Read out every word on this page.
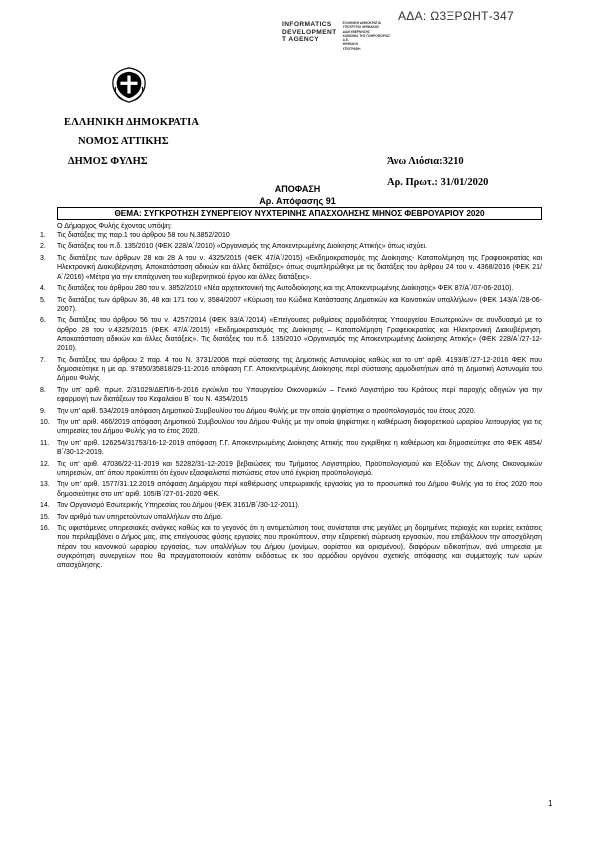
ΑΔΑ: Ω3ΞΡΩΗΤ-347
INFORMATICS
DEVELOPMENT
T AGENCY
ΕΛΛΗΝΙΚΗ ΔΗΜΟΚΡΑΤΙΑ
ΥΠΟΥΡΓΕΙΟ ΨΗΦΙΑΚΗΣ
ΔΙΑΚΥΒΕΡΝΗΣΗΣ
ΚΟΙΝΩΝΙΑ ΤΗΣ ΠΛΗΡΟΦΟΡΙΑΣ
Α.Ε.
ΨΗΦΙΑΚΗ
ΥΠΟΓΡΑΦΗ
ΕΛΛΗΝΙΚΗ ΔΗΜΟΚΡΑΤΙΑ
ΝΟΜΟΣ ΑΤΤΙΚΗΣ
ΔΗΜΟΣ ΦΥΛΗΣ	Άνω Λιόσια:3210
Αρ. Πρωτ.: 31/01/2020
ΑΠΟΦΑΣΗ
Αρ. Απόφασης 91
ΘΕΜΑ: ΣΥΓΚΡΟΤΗΣΗ ΣΥΝΕΡΓΕΙΟΥ ΝΥΧΤΕΡΙΝΗΣ ΑΠΑΣΧΟΛΗΣΗΣ ΜΗΝΟΣ ΦΕΒΡΟΥΑΡΙΟΥ 2020
Ο Δήμαρχος Φυλής έχοντας υπόψη:
1.	Τις διατάξεις της παρ.1 του άρθρου 58 του Ν.3852/2010
2.	Τις διατάξεις του π.δ. 135/2010 (ΦΕΚ 228/Α΄/2010) «Οργανισμός της Αποκεντρωμένης Διοίκησης Αττικής» όπως ισχύει.
3.	Τις διατάξεις των άρθρων 28 και 28 Α του ν. 4325/2015 (ΦΕΚ 47/Α΄/2015) «Εκδημοκρατισμός της Διοίκησης- Καταπολέμηση της Γραφειοκρατίας και Ηλεκτρονική Διακυβέρνηση. Αποκατάσταση αδικιών και άλλες διατάξεις» όπως συμπληρώθηκε με τις διατάξεις του άρθρου 24 του ν. 4368/2016 (ΦΕΚ 21/Α΄/2016) «Μέτρα για την επιτάχυνση του κυβερνητικού έργου και άλλες διατάξεις».
4.	Τις διατάξεις του άρθρου 280 του ν. 3852/2010 «Νέα αρχιτεκτονική της Αυτοδιοίκησης και της Αποκεντρωμένης Διοίκησης» ΦΕΚ 87/Α΄/07-06-2010).
5.	Τις διατάξεις των άρθρων 36, 48 και 171 του ν. 3584/2007 «Κύρωση του Κώδικα Κατάστασης Δημοτικών και Κοινοτικών υπαλλήλων» (ΦΕΚ 143/Α΄/28-06-2007).
6.	Τις διατάξεις του άρθρου 56 του ν. 4257/2014 (ΦΕΚ 93/Α΄/2014) «Επείγουσες ρυθμίσεις αρμοδιότητας Υπουργείου Εσωτερικών» σε συνδυασμό με το άρθρο 28 του ν.4325/2015 (ΦΕΚ 47/Α΄/2015) «Εκδημοκρατισμός της Διοίκησης – Καταπολέμηση Γραφειοκρατίας και Ηλεκτρονική Διακυβέρνηση. Αποκατάσταση αδικιών και άλλες διατάξεις». Τις διατάξεις του π.δ. 135/2010 «Οργανισμός της Αποκεντρωμένης Διοίκησης Αττικής» (ΦΕΚ 228/Α΄/27-12-2010).
7.	Τις διατάξεις του άρθρου 2 παρ. 4 του Ν. 3731/2008 περί σύστασης της Δημοτικής Αστυνομίας καθώς και το υπ' αριθ. 4193/Β΄/27-12-2016 ΦΕΚ που δημοσιεύτηκε η με αρ. 97850/35818/29-11-2016 απόφαση Γ.Γ. Αποκεντρωμένης Διοίκησης περί σύστασης αρμοδιοτήτων από τη Δημοτική Αστυνομία του Δήμου Φυλής
8.	Την υπ' αριθ. πρωτ. 2/31029/ΔΕΠ/6-5-2016 εγκύκλιο του Υπουργείου Οικονομικών – Γενικό Λογιστήριο του Κράτους περί παροχής οδηγιών για την εφαρμογή των διατάξεων του Κεφαλαίου Β΄ του Ν. 4354/2015
9.	Την υπ' αριθ. 534/2019 απόφαση Δημοτικού Συμβουλίου του Δήμου Φυλής με την οποία ψηφίστηκε ο προϋπολογισμός του έτους 2020.
10.	Την υπ' αριθ. 466/2019 απόφαση Δημοτικού Συμβουλίου του Δήμου Φυλής με την οποία ψηφίστηκε η καθιέρωση διαφορετικού ωραρίου λειτουργίας για τις υπηρεσίες του Δήμου Φυλής για το έτος 2020.
11.	Την υπ' αριθ. 126254/31753/16-12-2019 απόφαση Γ.Γ. Αποκεντρωμένης Διοίκησης Αττικής που εγκρίθηκε η καθιέρωση και δημοσιεύτηκε στο ΦΕΚ 4854/Β΄/30-12-2019.
12.	Τις υπ' αριθ. 47036/22-11-2019 και 52282/31-12-2019 βεβαιώσεις του Τμήματος Λογιστηρίου, Προϋπολογισμού και Εξόδων της Δ/νσης Οικονομικών υπηρεσιών, απ' όπου προκύπτει ότι έχουν εξασφαλιστεί πιστώσεις στον υπό έγκριση προϋπολογισμό.
13.	Την υπ' αριθ. 1577/31.12.2019 απόφαση Δημάρχου περί καθιέρωσης υπερωριακής εργασίας για το προσωπικό του Δήμου Φυλής για το έτος 2020 που δημοσιεύτηκε στο υπ' αριθ. 105/Β΄/27-01-2020 ΦΕΚ.
14.	Τον Οργανισμό Εσωτερικής Υπηρεσίας του Δήμου (ΦΕΚ 3161/Β΄/30-12-2011).
15.	Τον αριθμό των υπηρετούντων υπαλλήλων στο Δήμο.
16.	Τις υφιστάμενες υπηρεσιακές ανάγκες καθώς και το γεγονός ότι η αντιμετώπιση τους συνίσταται στις μεγάλες μη δομημένες περιοχές και ευρείες εκτάσεις που περιλαμβάνει ο Δήμος μας, στις επείγουσας φύσης εργασίες που προκύπτουν, στην εξαιρετική σώρευση εργασιών, που επιβάλλουν την αποσχόληση πέραν του κανονικού ωραρίου εργασίας, των υπαλλήλων του Δήμου (μονίμων, αορίστου και ορισμένου), διαφόρων ειδικοτήτων, ανά υπηρεσία με συγκρότηση συνεργείων που θα πραγματοποιούν κατόπιν εκδόσεως εκ του αρμόδιου οργάνου σχετικής απόφασης και συμμετοχής των ωρών απασχόλησης.
1
